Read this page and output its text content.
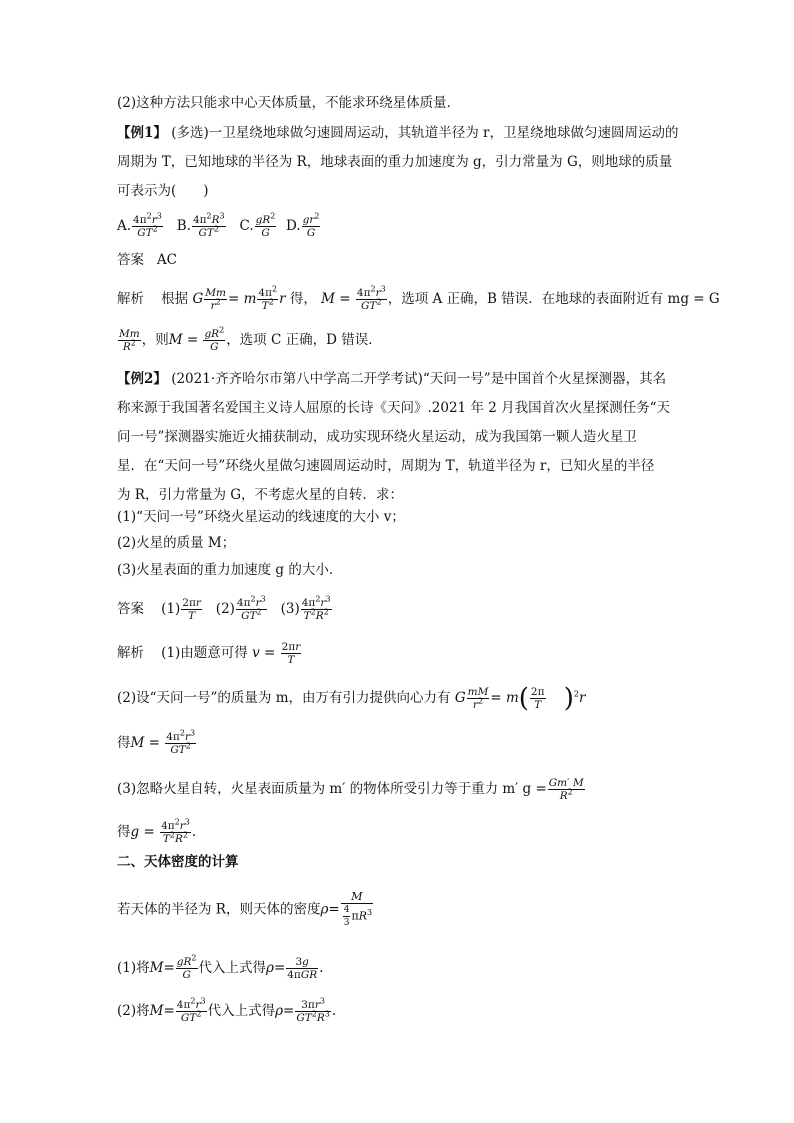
(2)这种方法只能求中心天体质量，不能求环绕星体质量．
【例1】 (多选)一卫星绕地球做匀速圆周运动，其轨道半径为 r，卫星绕地球做匀速圆周运动的
周期为 T，已知地球的半径为 R，地球表面的重力加速度为 g，引力常量为 G，则地球的质量
可表示为(　　)
A. $\frac{4\pi^2r^3}{GT^2} B$. $\frac{4\pi^2R^3}{GT^2} C$. $\frac{gR^2}{G} D$. $\frac{gr^2}{G}$
答案 AC
解析 根据 G $\frac{Mm}{r^2} = m \frac{4\pi^2}{T^2}$ r 得， $M = \frac{4\pi^2r^3}{GT^2}$ ，选项 A 正确，B 错误．在地球的表面附近有 mg = G
$\frac{Mm}{R^2}$ ，则$M = \frac{gR^2}{G}$ ，选项 C 正确，D 错误．
【例2】 (2021·齐齐哈尔市第八中学高二开学考试)“天问一号”是中国首个火星探测器，其名
称来源于我国著名爱国主义诗人屈原的长诗《天问》.2021 年 2 月我国首次火星探测任务“天
问一号”探测器实施近火捕获制动，成功实现环绕火星运动，成为我国第一颗人造火星卫
星．在“天问一号”环绕火星做匀速圆周运动时，周期为 T，轨道半径为 r，已知火星的半径
为 R，引力常量为 G，不考虑火星的自转．求：
(1)“天问一号”环绕火星运动的线速度的大小 v；
(2)火星的质量 M；
(3)火星表面的重力加速度 g 的大小．
答案 $(1) \frac{2\pi r}{T} (2) \frac{4\pi^2r^3}{GT^2} (3) \frac{4\pi^2r^3}{T^2R^2}$
解析 (1)由题意可得 $v = \frac{2\pi r}{T}$
(2)设“天问一号”的质量为 m，由万有引力提供向心力有 G $\frac{mM}{r^2} = m( \frac{2\pi}{T} )^2r$
得$M = \frac{4\pi^2r^3}{GT^2}$
(3)忽略火星自转，火星表面质量为 m′ 的物体所受引力等于重力 m′ $g = \frac{Gm' M}{R^2}$
得$g = \frac{4\pi^2r^3}{T^2R^2}$ .
二、天体密度的计算
若天体的半径为 R，则天体的密度$\rho= \frac{M}{\frac{4}{3} \pi R^3}$
(1)将$M= \frac{gR^2}{G}$ 代入上式得$\rho= \frac{3g}{\text{4πGR}}$ .
(2)将$M= \frac{4\pi^2r^3}{GT^2}$ 代入上式得$\rho= \frac{3\pi r^3}{GT^2R^3}$ .
